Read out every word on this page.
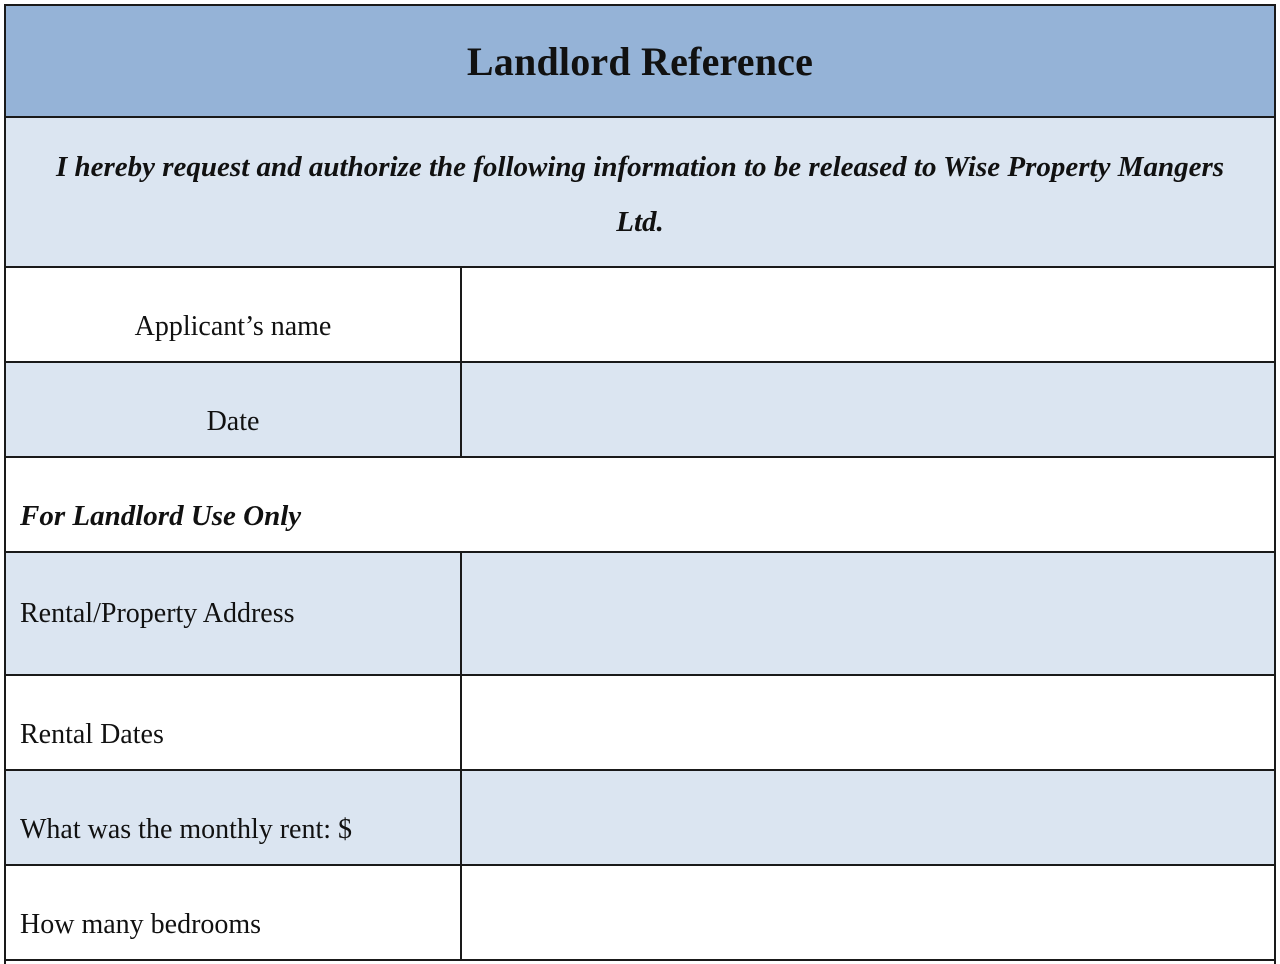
Landlord Reference

I hereby request and authorize the following information to be released to Wise Property Mangers Ltd.

Applicant’s name
Date
For Landlord Use Only
Rental/Property Address
Rental Dates
What was the monthly rent: $
How many bedrooms
